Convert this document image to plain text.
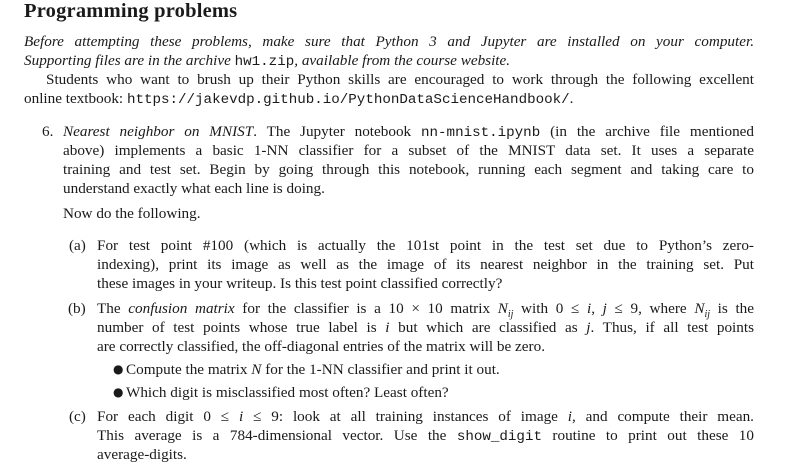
Programming problems
Before attempting these problems, make sure that Python 3 and Jupyter are installed on your computer.
Supporting files are in the archive hw1.zip, available from the course website.
Students who want to brush up their Python skills are encouraged to work through the following excellent
online textbook: https://jakevdp.github.io/PythonDataScienceHandbook/.
6. Nearest neighbor on MNIST. The Jupyter notebook nn-mnist.ipynb (in the archive file mentioned
above) implements a basic 1-NN classifier for a subset of the MNIST data set. It uses a separate
training and test set. Begin by going through this notebook, running each segment and taking care to
understand exactly what each line is doing.
Now do the following.
(a) For test point #100 (which is actually the 101st point in the test set due to Python’s zero-
indexing), print its image as well as the image of its nearest neighbor in the training set. Put
these images in your writeup. Is this test point classified correctly?
(b) The confusion matrix for the classifier is a 10 × 10 matrix $N_{ij}$ with 0 ≤ i, j ≤ 9, where $N_{ij}$ is the
number of test points whose true label is i but which are classified as j. Thus, if all test points
are correctly classified, the off-diagonal entries of the matrix will be zero.
● Compute the matrix N for the 1-NN classifier and print it out.
● Which digit is misclassified most often? Least often?
(c) For each digit 0 ≤ i ≤ 9: look at all training instances of image i, and compute their mean.
This average is a 784-dimensional vector. Use the show_digit routine to print out these 10
average-digits.
